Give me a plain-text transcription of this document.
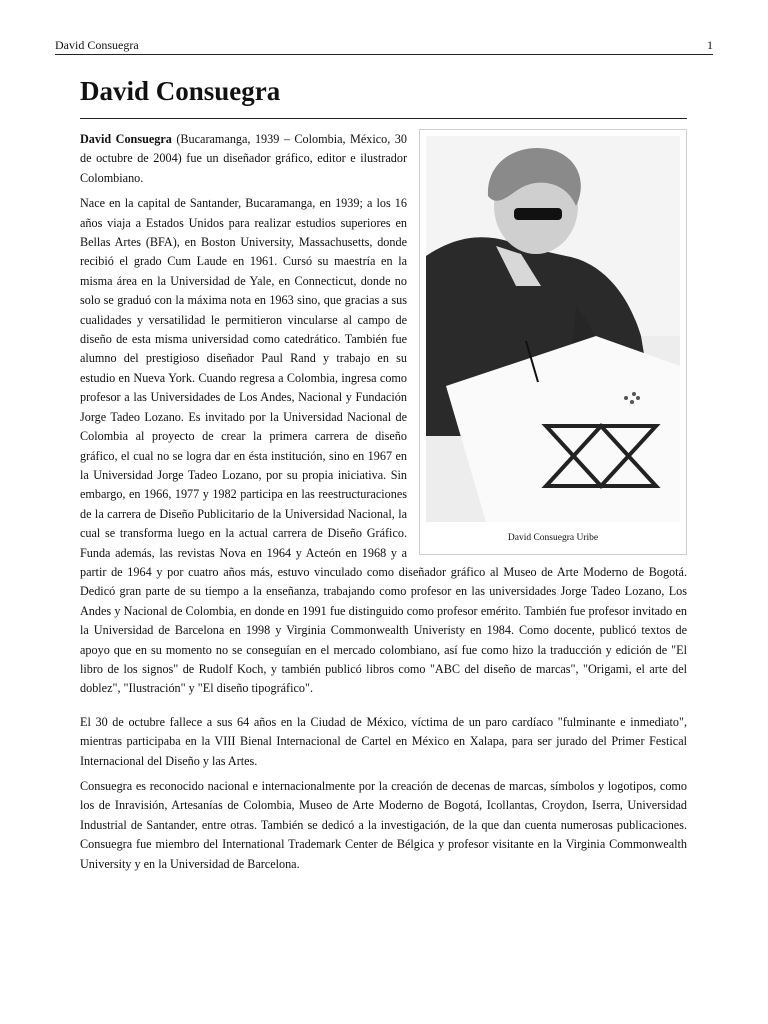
David Consuegra	1
David Consuegra
David Consuegra Uribe

David Consuegra (Bucaramanga, 1939 – Colombia, México, 30 de octubre de 2004) fue un diseñador gráfico, editor e ilustrador Colombiano.

Nace en la capital de Santander, Bucaramanga, en 1939; a los 16 años viaja a Estados Unidos para realizar estudios superiores en Bellas Artes (BFA), en Boston University, Massachusetts, donde recibió el grado Cum Laude en 1961. Cursó su maestría en la misma área en la Universidad de Yale, en Connecticut, donde no solo se graduó con la máxima nota en 1963 sino, que gracias a sus cualidades y versatilidad le permitieron vincularse al campo de diseño de esta misma universidad como catedrático. También fue alumno del prestigioso diseñador Paul Rand y trabajo en su estudio en Nueva York. Cuando regresa a Colombia, ingresa como profesor a las Universidades de Los Andes, Nacional y Fundación Jorge Tadeo Lozano. Es invitado por la Universidad Nacional de Colombia al proyecto de crear la primera carrera de diseño gráfico, el cual no se logra dar en ésta institución, sino en 1967 en la Universidad Jorge Tadeo Lozano, por su propia iniciativa. Sin embargo, en 1966, 1977 y 1982 participa en las reestructuraciones de la carrera de Diseño Publicitario de la Universidad Nacional, la cual se transforma luego en la actual carrera de Diseño Gráfico. Funda además, las revistas Nova en 1964 y Acteón en 1968 y a partir de 1964 y por cuatro años más, estuvo vinculado como diseñador gráfico al Museo de Arte Moderno de Bogotá. Dedicó gran parte de su tiempo a la enseñanza, trabajando como profesor en las universidades Jorge Tadeo Lozano, Los Andes y Nacional de Colombia, en donde en 1991 fue distinguido como profesor emérito. También fue profesor invitado en la Universidad de Barcelona en 1998 y Virginia Commonwealth Univeristy en 1984. Como docente, publicó textos de apoyo que en su momento no se conseguían en el mercado colombiano, así fue como hizo la traducción y edición de "El libro de los signos" de Rudolf Koch, y también publicó libros como "ABC del diseño de marcas", "Origami, el arte del doblez", "Ilustración" y "El diseño tipográfico".

El 30 de octubre fallece a sus 64 años en la Ciudad de México, víctima de un paro cardíaco "fulminante e inmediato", mientras participaba en la VIII Bienal Internacional de Cartel en México en Xalapa, para ser jurado del Primer Festical Internacional del Diseño y las Artes.

Consuegra es reconocido nacional e internacionalmente por la creación de decenas de marcas, símbolos y logotipos, como los de Inravisión, Artesanías de Colombia, Museo de Arte Moderno de Bogotá, Icollantas, Croydon, Iserra, Universidad Industrial de Santander, entre otras. También se dedicó a la investigación, de la que dan cuenta numerosas publicaciones. Consuegra fue miembro del International Trademark Center de Bélgica y profesor visitante en la Virginia Commonwealth University y en la Universidad de Barcelona.
